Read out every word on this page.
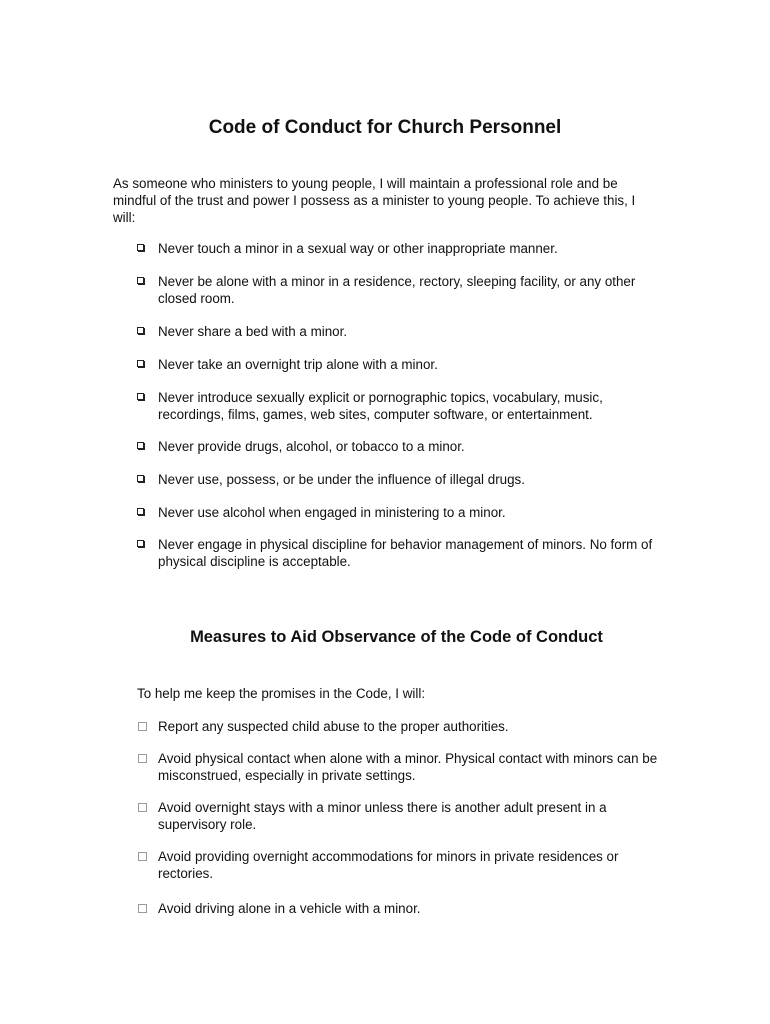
Code of Conduct for Church Personnel

As someone who ministers to young people, I will maintain a professional role and be mindful of the trust and power I possess as a minister to young people. To achieve this, I will:

Never touch a minor in a sexual way or other inappropriate manner.
Never be alone with a minor in a residence, rectory, sleeping facility, or any other closed room.
Never share a bed with a minor.
Never take an overnight trip alone with a minor.
Never introduce sexually explicit or pornographic topics, vocabulary, music, recordings, films, games, web sites, computer software, or entertainment.
Never provide drugs, alcohol, or tobacco to a minor.
Never use, possess, or be under the influence of illegal drugs.
Never use alcohol when engaged in ministering to a minor.
Never engage in physical discipline for behavior management of minors. No form of physical discipline is acceptable.
Measures to Aid Observance of the Code of Conduct

To help me keep the promises in the Code, I will:

Report any suspected child abuse to the proper authorities.
Avoid physical contact when alone with a minor. Physical contact with minors can be misconstrued, especially in private settings.
Avoid overnight stays with a minor unless there is another adult present in a supervisory role.
Avoid providing overnight accommodations for minors in private residences or rectories.
Avoid driving alone in a vehicle with a minor.
